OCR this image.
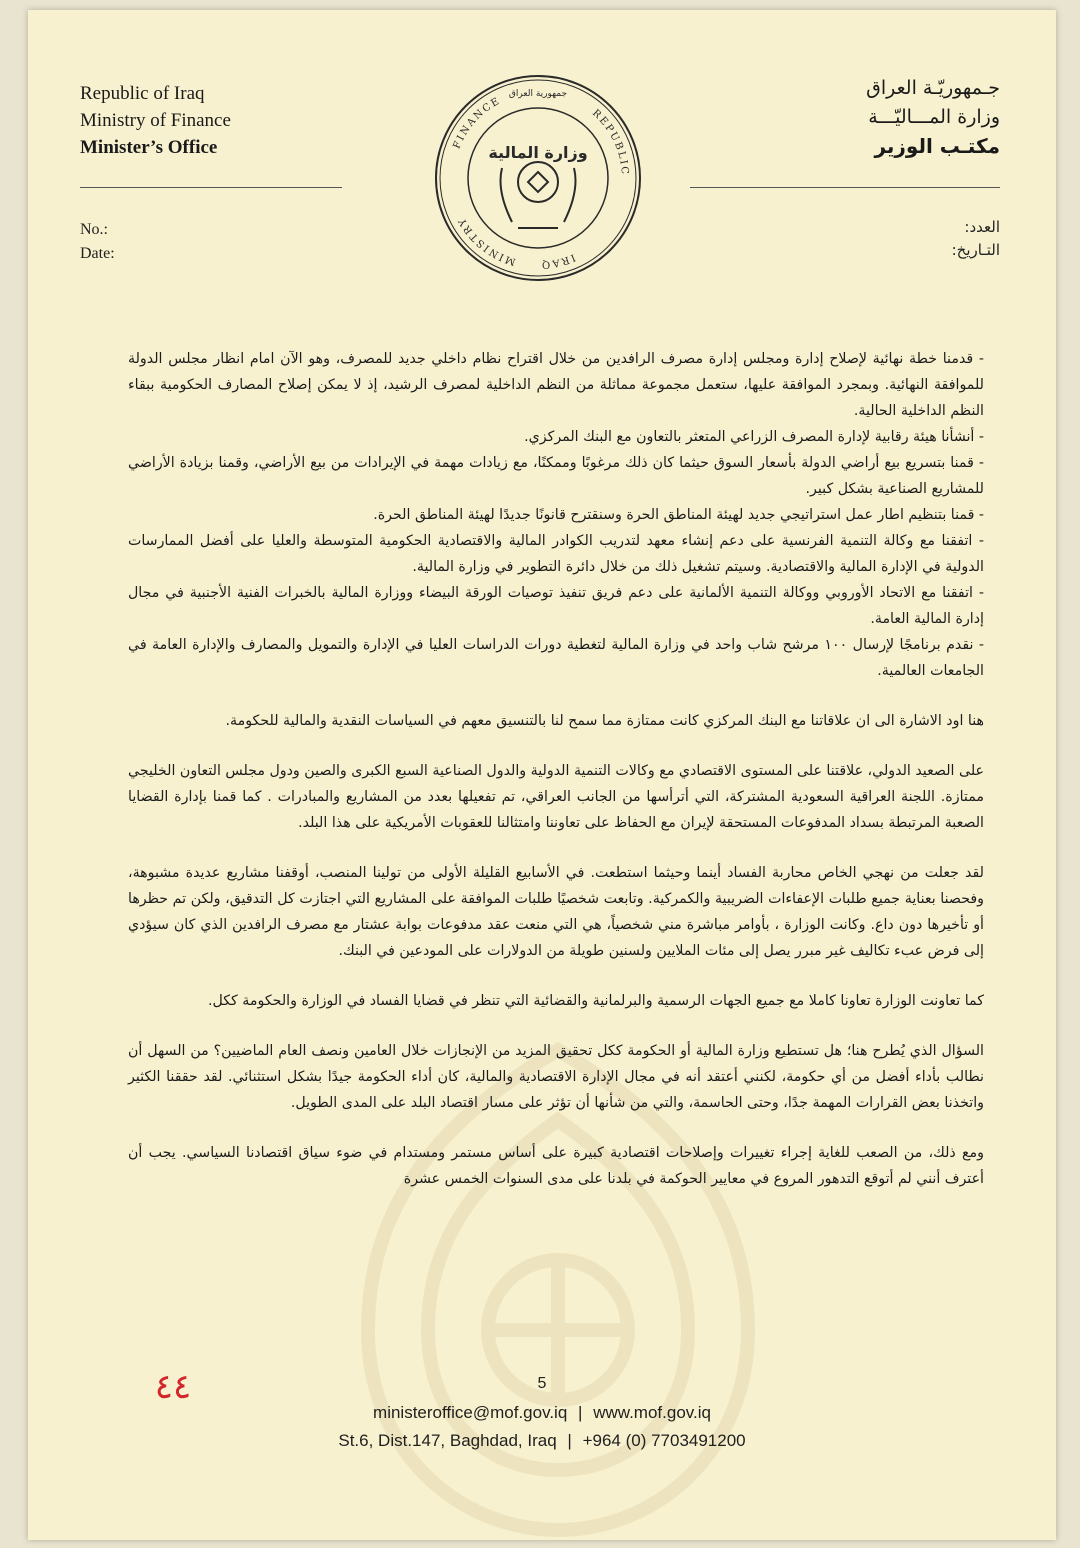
Republic of Iraq
Ministry of Finance
Minister’s Office
جـمهوريّـة العراق
وزارة المـــاليّـــة
مكتـب الوزير
No.:
Date:
العدد:
التـاريخ:
REPUBLIC
IRAQ
MINISTRY
FINANCE
جمهورية العراق
وزارة المالية

- قدمنا خطة نهائية لإصلاح إدارة ومجلس إدارة مصرف الرافدين من خلال اقتراح نظام داخلي جديد للمصرف، وهو الآن امام انظار مجلس الدولة للموافقة النهائية. وبمجرد الموافقة عليها، ستعمل مجموعة مماثلة من النظم الداخلية لمصرف الرشيد، إذ لا يمكن إصلاح المصارف الحكومية ببقاء النظم الداخلية الحالية.

- أنشأنا هيئة رقابية لإدارة المصرف الزراعي المتعثر بالتعاون مع البنك المركزي.

- قمنا بتسريع بيع أراضي الدولة بأسعار السوق حيثما كان ذلك مرغوبًا وممكنًا، مع زيادات مهمة في الإيرادات من بيع الأراضي، وقمنا بزيادة الأراضي للمشاريع الصناعية بشكل كبير.

- قمنا بتنظيم اطار عمل استراتيجي جديد لهيئة المناطق الحرة وسنقترح قانونًا جديدًا لهيئة المناطق الحرة.

- اتفقنا مع وكالة التنمية الفرنسية على دعم إنشاء معهد لتدريب الكوادر المالية والاقتصادية الحكومية المتوسطة والعليا على أفضل الممارسات الدولية في الإدارة المالية والاقتصادية. وسيتم تشغيل ذلك من خلال دائرة التطوير في وزارة المالية.

- اتفقنا مع الاتحاد الأوروبي ووكالة التنمية الألمانية على دعم فريق تنفيذ توصيات الورقة البيضاء ووزارة المالية بالخبرات الفنية الأجنبية في مجال إدارة المالية العامة.

- نقدم برنامجًا لإرسال ١٠٠ مرشح شاب واحد في وزارة المالية لتغطية دورات الدراسات العليا في الإدارة والتمويل والمصارف والإدارة العامة في الجامعات العالمية.

هنا اود الاشارة الى ان علاقاتنا مع البنك المركزي كانت ممتازة مما سمح لنا بالتنسيق معهم في السياسات النقدية والمالية للحكومة.

على الصعيد الدولي، علاقتنا على المستوى الاقتصادي مع وكالات التنمية الدولية والدول الصناعية السبع الكبرى والصين ودول مجلس التعاون الخليجي ممتازة. اللجنة العراقية السعودية المشتركة، التي أترأسها من الجانب العراقي، تم تفعيلها بعدد من المشاريع والمبادرات . كما قمنا بإدارة القضايا الصعبة المرتبطة بسداد المدفوعات المستحقة لإيران مع الحفاظ على تعاوننا وامتثالنا للعقوبات الأمريكية على هذا البلد.

لقد جعلت من نهجي الخاص محاربة الفساد أينما وحيثما استطعت. في الأسابيع القليلة الأولى من تولينا المنصب، أوقفنا مشاريع عديدة مشبوهة، وفحصنا بعناية جميع طلبات الإعفاءات الضريبية والكمركية. وتابعت شخصيًا طلبات الموافقة على المشاريع التي اجتازت كل التدقيق، ولكن تم حظرها أو تأخيرها دون داع. وكانت الوزارة ، بأوامر مباشرة مني شخصياً، هي التي منعت عقد مدفوعات بوابة عشتار مع مصرف الرافدين الذي كان سيؤدي إلى فرض عبء تكاليف غير مبرر يصل إلى مئات الملايين ولسنين طويلة من الدولارات على المودعين في البنك.

كما تعاونت الوزارة تعاونا كاملا مع جميع الجهات الرسمية والبرلمانية والقضائية التي تنظر في قضايا الفساد في الوزارة والحكومة ككل.

السؤال الذي يُطرح هنا؛ هل تستطيع وزارة المالية أو الحكومة ككل تحقيق المزيد من الإنجازات خلال العامين ونصف العام الماضيين؟ من السهل أن نطالب بأداء أفضل من أي حكومة، لكنني أعتقد أنه في مجال الإدارة الاقتصادية والمالية، كان أداء الحكومة جيدًا بشكل استثنائي. لقد حققنا الكثير واتخذنا بعض القرارات المهمة جدًا، وحتى الحاسمة، والتي من شأنها أن تؤثر على مسار اقتصاد البلد على المدى الطويل.

ومع ذلك، من الصعب للغاية إجراء تغييرات وإصلاحات اقتصادية كبيرة على أساس مستمر ومستدام في ضوء سياق اقتصادنا السياسي. يجب أن أعترف أنني لم أتوقع التدهور المروع في معايير الحوكمة في بلدنا على مدى السنوات الخمس عشرة

٤٤	5
ministeroffice@mof.gov.iq | www.mof.gov.iq
St.6, Dist.147, Baghdad, Iraq | +964 (0) 7703491200
